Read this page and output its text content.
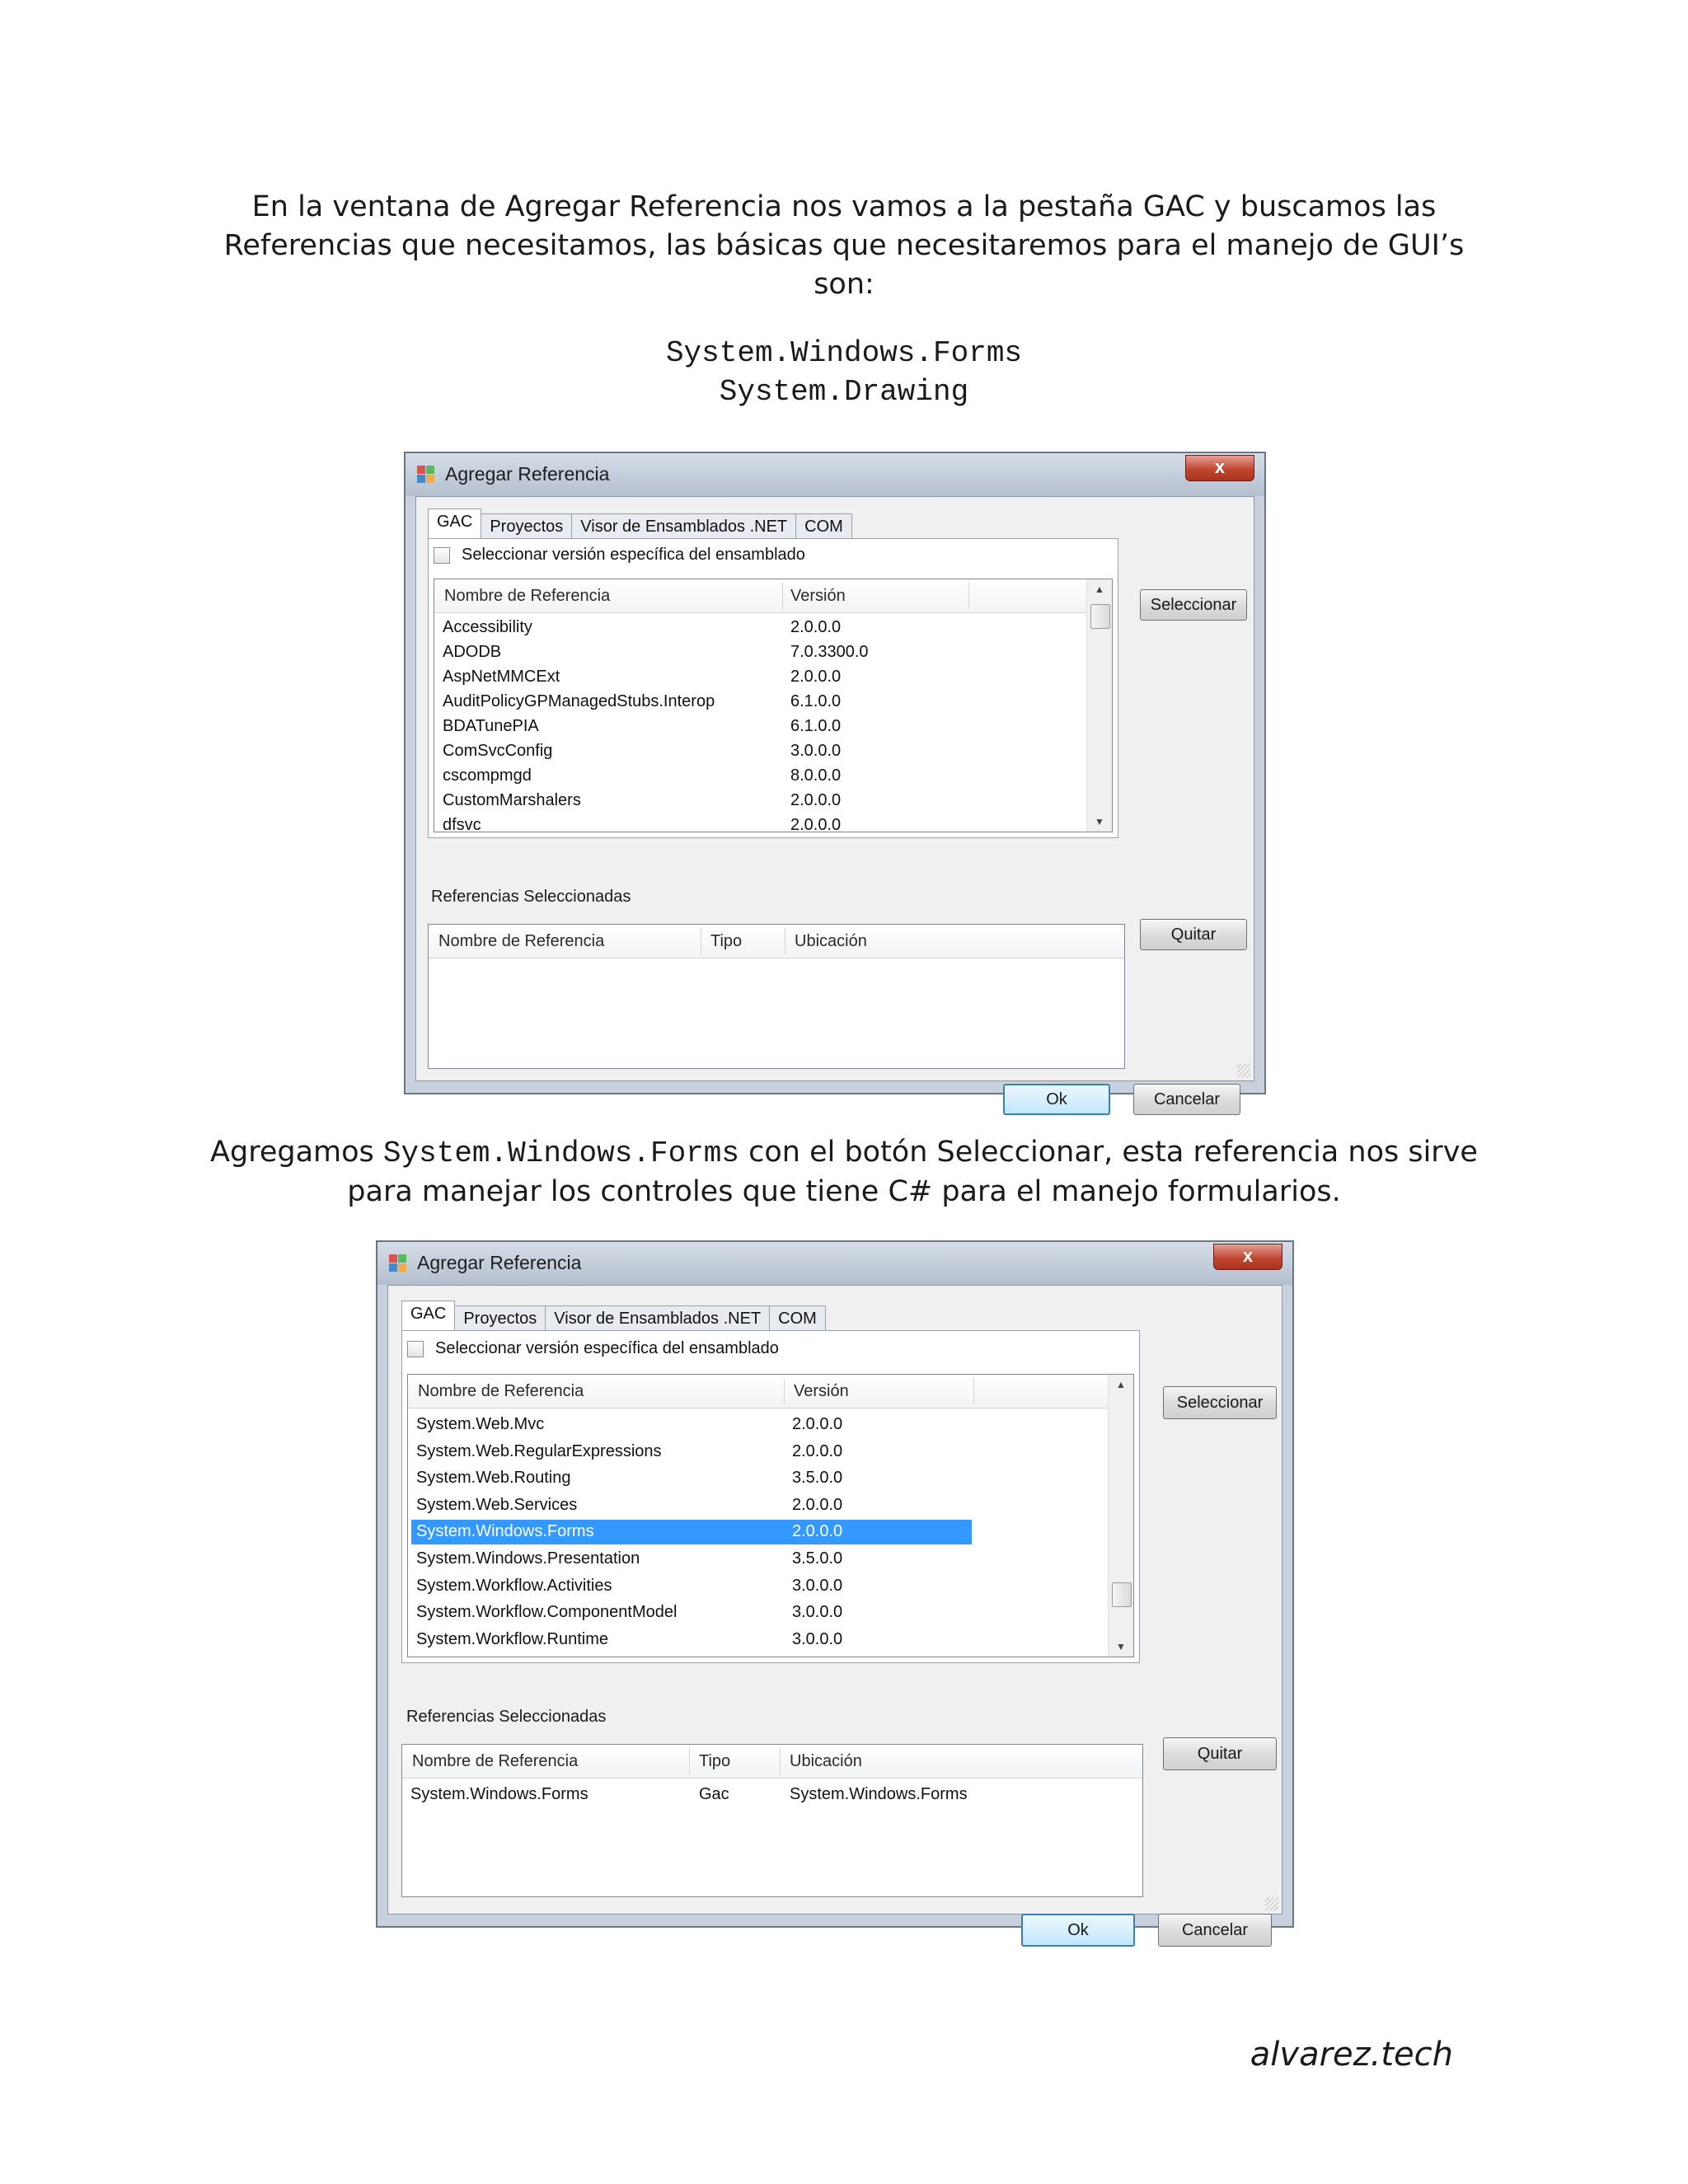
En la ventana de Agregar Referencia nos vamos a la pestaña GAC y buscamos las Referencias que necesitamos, las básicas que necesitaremos para el manejo de GUI’s son:
System.Windows.Forms
System.Drawing
Agregar Referencia	x
GAC	Proyectos	Visor de Ensamblados .NET	COM
Seleccionar versión específica del ensamblado
Nombre de Referencia	Versión
Accessibility	2.0.0.0
ADODB	7.0.3300.0
AspNetMMCExt	2.0.0.0
AuditPolicyGPManagedStubs.Interop	6.1.0.0
BDATunePIA	6.1.0.0
ComSvcConfig	3.0.0.0
cscompmgd	8.0.0.0
CustomMarshalers	2.0.0.0
dfsvc	2.0.0.0
▲
▼
Seleccionar
Referencias Seleccionadas
Quitar
Nombre de Referencia	Tipo	Ubicación
Ok	Cancelar
Agregamos System.Windows.Forms con el botón Seleccionar, esta referencia nos sirve para manejar los controles que tiene C# para el manejo formularios.
Agregar Referencia	x
GAC	Proyectos	Visor de Ensamblados .NET	COM
Seleccionar versión específica del ensamblado
Nombre de Referencia	Versión
System.Web.Mvc	2.0.0.0
System.Web.RegularExpressions	2.0.0.0
System.Web.Routing	3.5.0.0
System.Web.Services	2.0.0.0
System.Windows.Forms	2.0.0.0
System.Windows.Presentation	3.5.0.0
System.Workflow.Activities	3.0.0.0
System.Workflow.ComponentModel	3.0.0.0
System.Workflow.Runtime	3.0.0.0
▲
▼
Seleccionar
Referencias Seleccionadas
Quitar
Nombre de Referencia	Tipo	Ubicación
System.Windows.Forms	Gac	System.Windows.Forms
Ok	Cancelar
alvarez.tech
